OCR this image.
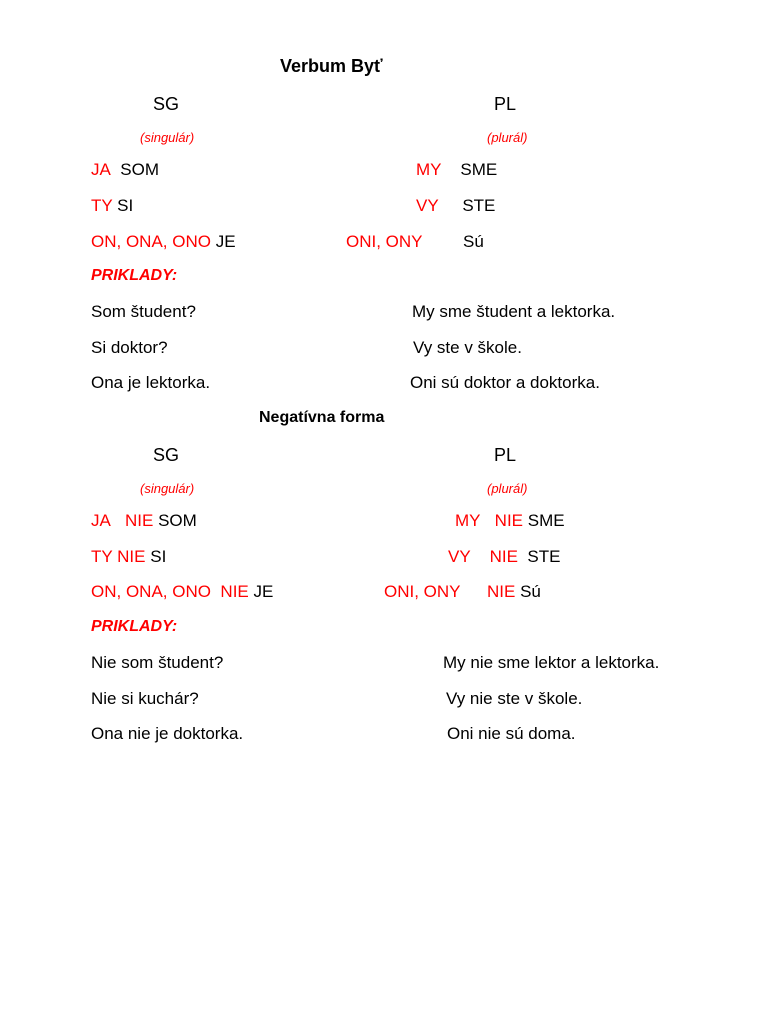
Verbum Byť
SG	PL
(singulár)	(plurál)
JA SOM	MY SME
TY SI	VY STE
ON, ONA, ONO JE	ONI, ONY Sú
PRIKLADY:
Som študent?	My sme študent a lektorka.
Si doktor?	Vy ste v škole.
Ona je lektorka.	Oni sú doktor a doktorka.
Negatívna forma
SG	PL
(singulár)	(plurál)
JA NIE SOM	MY NIE SME
TY NIE SI	VY NIE STE
ON, ONA, ONO NIE JE	ONI, ONY NIE Sú
PRIKLADY:
Nie som študent?	My nie sme lektor a lektorka.
Nie si kuchár?	Vy nie ste v škole.
Ona nie je doktorka.	Oni nie sú doma.
